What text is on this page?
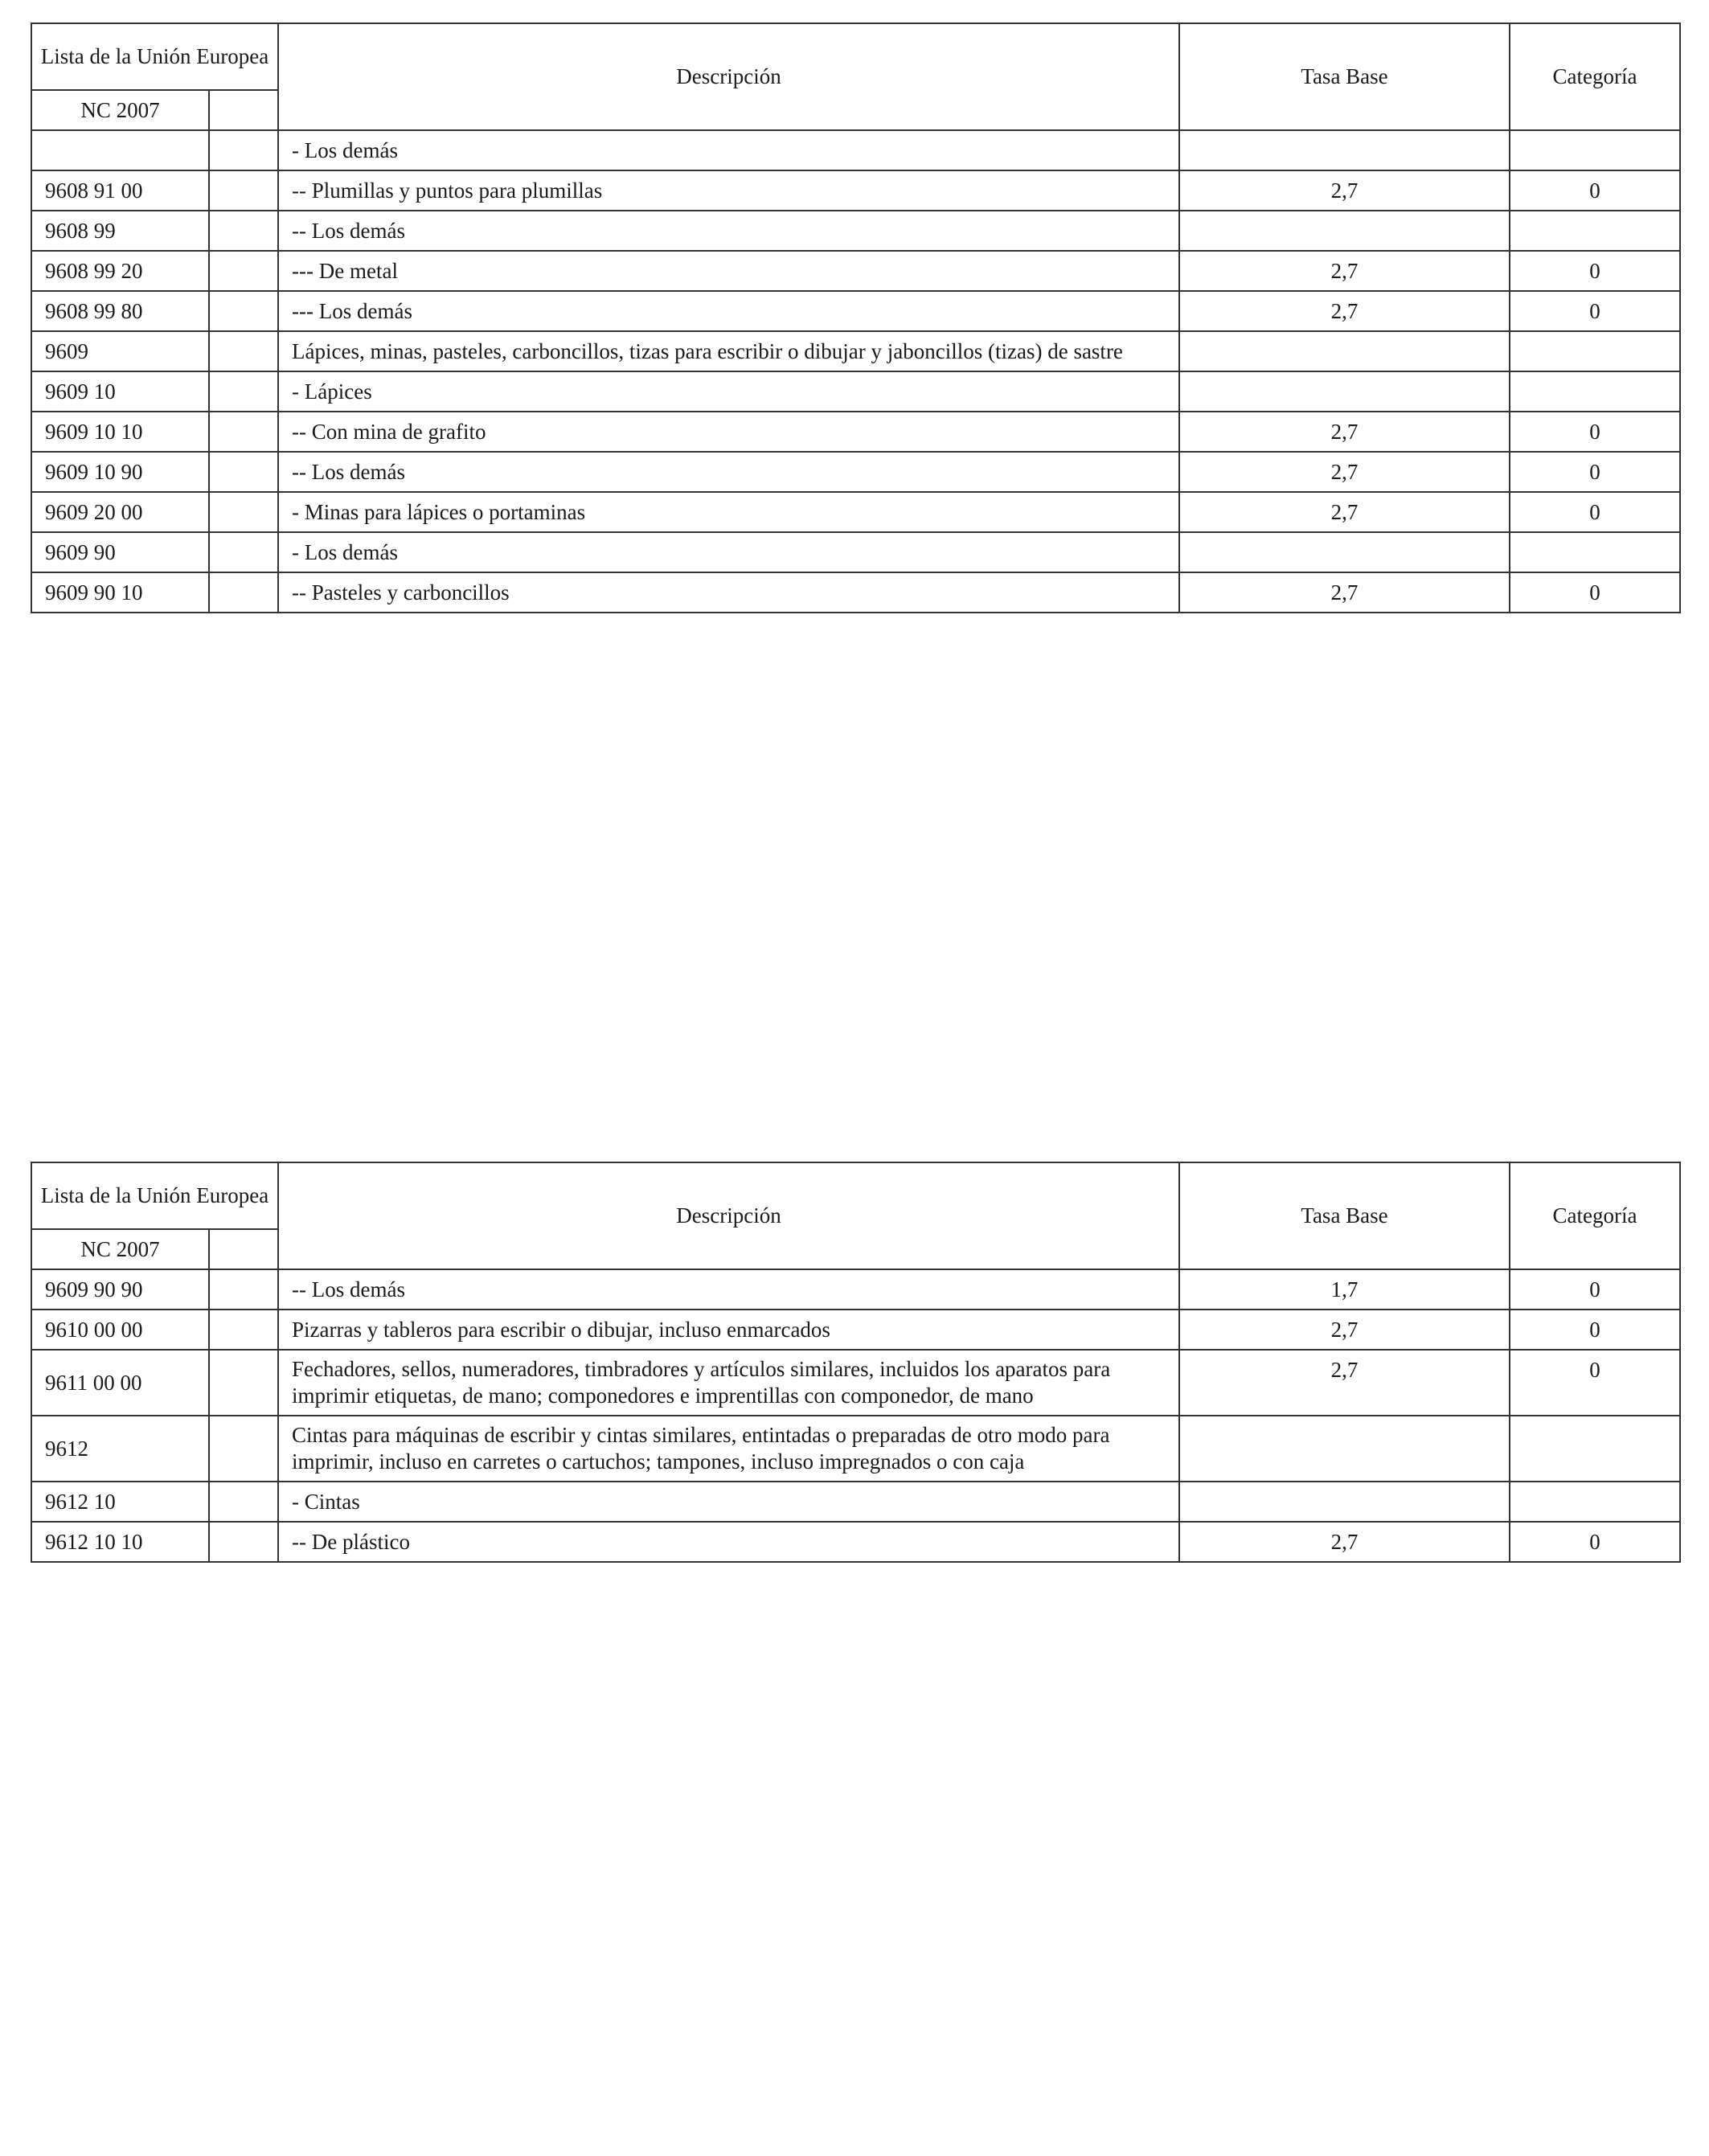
Lista de la Unión Europea		Descripción	Tasa Base	Categoría
NC 2007				
		- Los demás		
9608 91 00		-- Plumillas y puntos para plumillas	2,7	0
9608 99		-- Los demás		
9608 99 20		--- De metal	2,7	0
9608 99 80		--- Los demás	2,7	0
9609		Lápices, minas, pasteles, carboncillos, tizas para escribir o dibujar y jaboncillos (tizas) de sastre		
9609 10		- Lápices		
9609 10 10		-- Con mina de grafito	2,7	0
9609 10 90		-- Los demás	2,7	0
9609 20 00		- Minas para lápices o portaminas	2,7	0
9609 90		- Los demás		
9609 90 10		-- Pasteles y carboncillos	2,7	0
Lista de la Unión Europea		Descripción	Tasa Base	Categoría
NC 2007				
9609 90 90		-- Los demás	1,7	0
9610 00 00		Pizarras y tableros para escribir o dibujar, incluso enmarcados	2,7	0
9611 00 00		Fechadores, sellos, numeradores, timbradores y artículos similares, incluidos los aparatos para imprimir etiquetas, de mano; componedores e imprentillas con componedor, de mano	2,7	0
9612		Cintas para máquinas de escribir y cintas similares, entintadas o preparadas de otro modo para imprimir, incluso en carretes o cartuchos; tampones, incluso impregnados o con caja		
9612 10		- Cintas		
9612 10 10		-- De plástico	2,7	0
